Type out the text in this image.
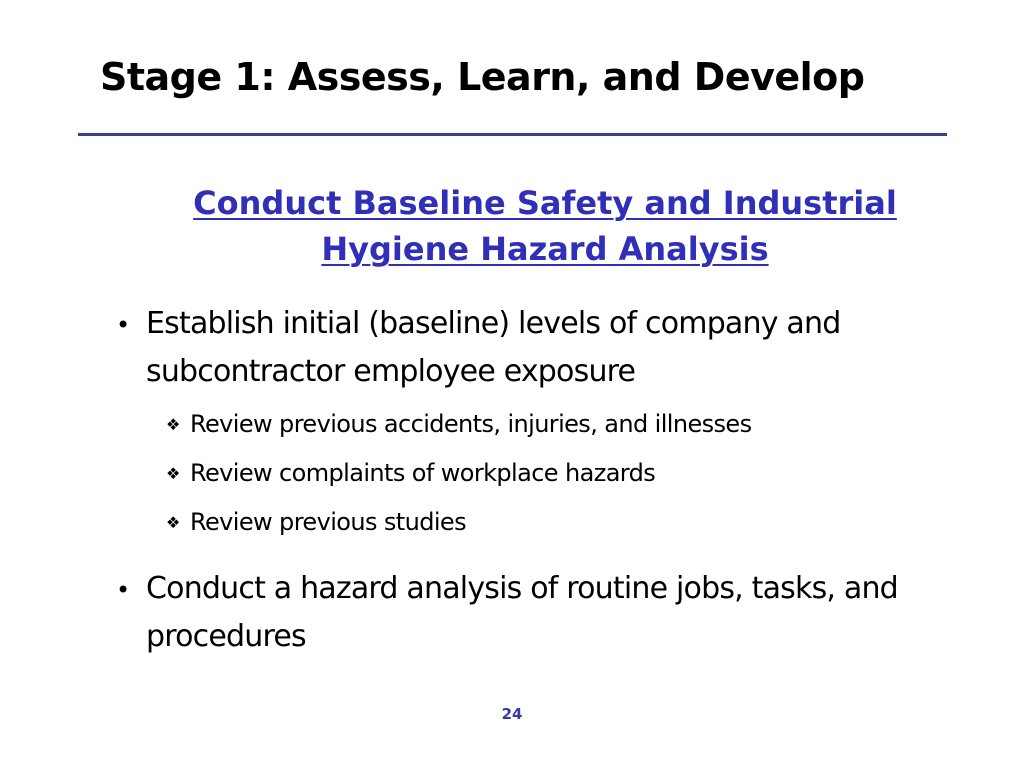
Stage 1: Assess, Learn, and Develop
Conduct Baseline Safety and Industrial
Hygiene Hazard Analysis
• Establish initial (baseline) levels of company and subcontractor employee exposure
❖ Review previous accidents, injuries, and illnesses
❖ Review complaints of workplace hazards
❖ Review previous studies
• Conduct a hazard analysis of routine jobs, tasks, and procedures
24
